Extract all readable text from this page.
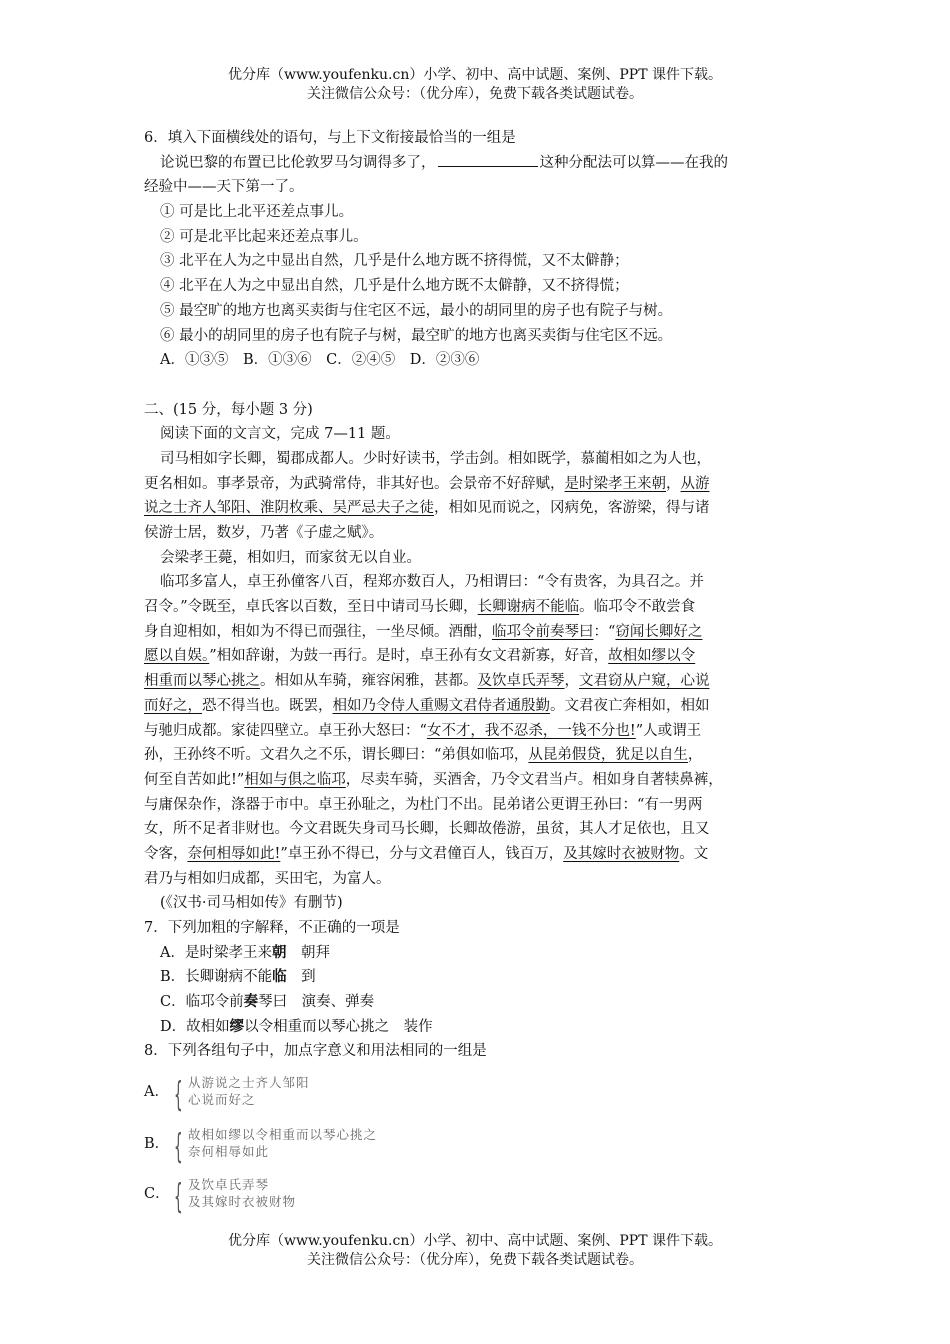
优分库（www.youfenku.cn）小学、初中、高中试题、案例、PPT 课件下载。
关注微信公众号：（优分库），免费下载各类试题试卷。
6．填入下面横线处的语句，与上下文衔接最恰当的一组是
论说巴黎的布置已比伦敦罗马匀调得多了，	这种分配法可以算——在我的
经验中——天下第一了。
① 可是比上北平还差点事儿。
② 可是北平比起来还差点事儿。
③ 北平在人为之中显出自然，几乎是什么地方既不挤得慌，又不太僻静；
④ 北平在人为之中显出自然，几乎是什么地方既不太僻静，又不挤得慌；
⑤ 最空旷的地方也离买卖街与住宅区不远，最小的胡同里的房子也有院子与树。
⑥ 最小的胡同里的房子也有院子与树，最空旷的地方也离买卖街与住宅区不远。
A．①③⑤　B．①③⑥　C．②④⑤　D．②③⑥
二、(15 分，每小题 3 分)
阅读下面的文言文，完成 7—11 题。
司马相如字长卿，蜀郡成都人。少时好读书，学击剑。相如既学，慕蔺相如之为人也，
更名相如。事孝景帝，为武骑常侍，非其好也。会景帝不好辞赋，是时梁孝王来朝，从游
说之士齐人邹阳、淮阴枚乘、吴严忌夫子之徒，相如见而说之，冈病免，客游梁，得与诸
侯游士居，数岁，乃著《子虚之赋》。
会梁孝王薨，相如归，而家贫无以自业。
临邛多富人，卓王孙僮客八百，程郑亦数百人，乃相谓曰：“令有贵客，为具召之。并
召令。”令既至，卓氏客以百数，至日中请司马长卿，长卿谢病不能临。临邛令不敢尝食
身自迎相如，相如为不得已而强往，一坐尽倾。酒酣，临邛令前奏琴曰：“窃闻长卿好之
愿以自娱。”相如辞谢，为鼓一再行。是时，卓王孙有女文君新寡，好音，故相如缪以令
相重而以琴心挑之。相如从车骑，雍容闲雅，甚都。及饮卓氏弄琴，文君窃从户窥，心说
而好之，恐不得当也。既罢，相如乃令侍人重赐文君侍者通殷勤。文君夜亡奔相如，相如
与驰归成都。家徒四壁立。卓王孙大怒曰：“女不才，我不忍杀，一钱不分也!”人或谓王
孙，王孙终不听。文君久之不乐，谓长卿曰：“弟俱如临邛，从昆弟假贷，犹足以自生，
何至自苦如此!”相如与俱之临邛，尽卖车骑，买酒舍，乃令文君当卢。相如身自著犊鼻裤，
与庸保杂作，涤器于市中。卓王孙耻之，为杜门不出。昆弟诸公更谓王孙曰：“有一男两
女，所不足者非财也。今文君既失身司马长卿，长卿故倦游，虽贫，其人才足依也，且又
令客，奈何相辱如此!”卓王孙不得已，分与文君僮百人，钱百万，及其嫁时衣被财物。文
君乃与相如归成都，买田宅，为富人。
(《汉书·司马相如传》有删节)
7．下列加粗的字解释，不正确的一项是
A．是时梁孝王来朝　朝拜
B．长卿谢病不能临　到
C．临邛令前奏琴曰　演奏、弹奏
D．故相如缪以令相重而以琴心挑之　装作
8．下列各组句子中，加点字意义和用法相同的一组是
A． { 从游说之士齐人邹阳
心说而好之
B． { 故相如缪以令相重而以琴心挑之
奈何相辱如此
C． { 及饮卓氏弄琴
及其嫁时衣被财物
优分库（www.youfenku.cn）小学、初中、高中试题、案例、PPT 课件下载。
关注微信公众号：（优分库），免费下载各类试题试卷。
